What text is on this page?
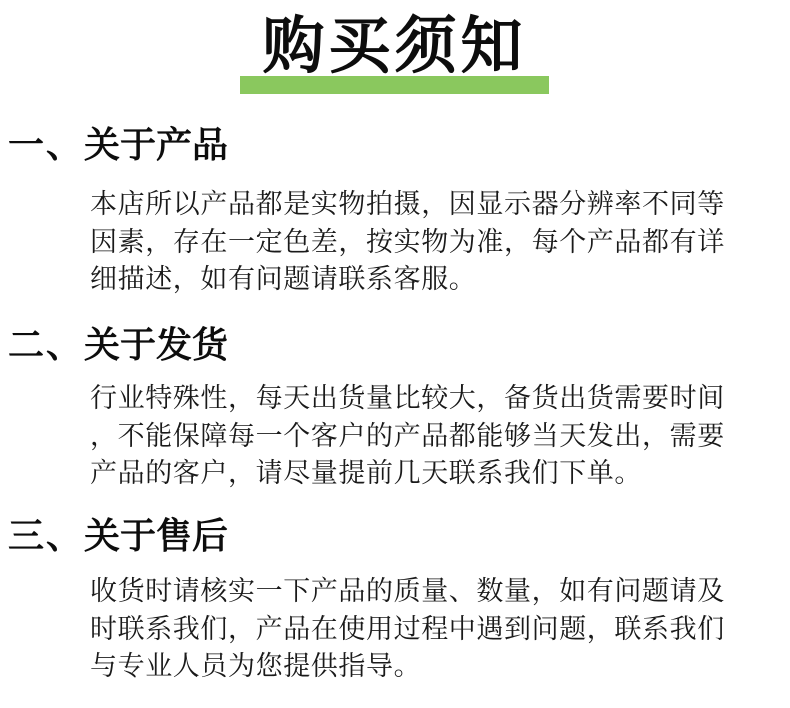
购买须知
一、关于产品
本店所以产品都是实物拍摄，因显示器分辨率不同等
因素，存在一定色差，按实物为准，每个产品都有详
细描述，如有问题请联系客服。
二、关于发货
行业特殊性，每天出货量比较大，备货出货需要时间
，不能保障每一个客户的产品都能够当天发出，需要
产品的客户，请尽量提前几天联系我们下单。
三、关于售后
收货时请核实一下产品的质量、数量，如有问题请及
时联系我们，产品在使用过程中遇到问题，联系我们
与专业人员为您提供指导。
